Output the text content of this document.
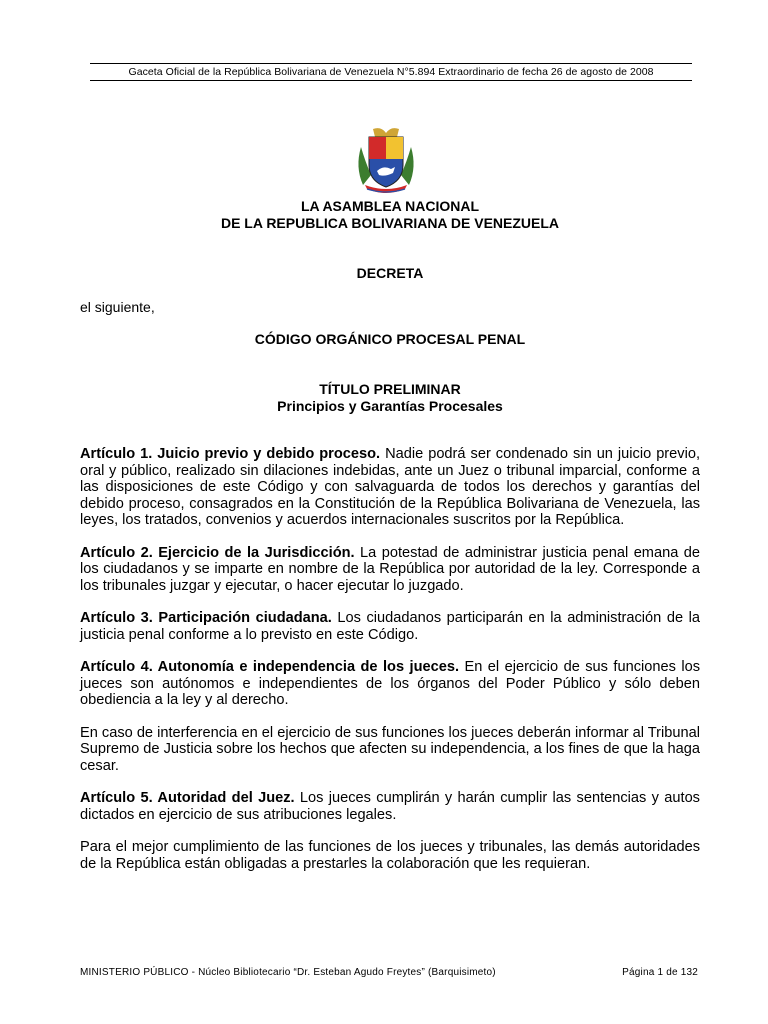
Gaceta Oficial de la República Bolivariana de Venezuela N°5.894 Extraordinario de fecha 26 de agosto de 2008
LA ASAMBLEA NACIONAL
DE LA REPUBLICA BOLIVARIANA DE VENEZUELA
DECRETA
el siguiente,
CÓDIGO ORGÁNICO PROCESAL PENAL
TÍTULO PRELIMINAR
Principios y Garantías Procesales

Artículo 1. Juicio previo y debido proceso. Nadie podrá ser condenado sin un juicio previo, oral y público, realizado sin dilaciones indebidas, ante un Juez o tribunal imparcial, conforme a las disposiciones de este Código y con salvaguarda de todos los derechos y garantías del debido proceso, consagrados en la Constitución de la República Bolivariana de Venezuela, las leyes, los tratados, convenios y acuerdos internacionales suscritos por la República.

Artículo 2. Ejercicio de la Jurisdicción. La potestad de administrar justicia penal emana de los ciudadanos y se imparte en nombre de la República por autoridad de la ley. Corresponde a los tribunales juzgar y ejecutar, o hacer ejecutar lo juzgado.

Artículo 3. Participación ciudadana. Los ciudadanos participarán en la administración de la justicia penal conforme a lo previsto en este Código.

Artículo 4. Autonomía e independencia de los jueces. En el ejercicio de sus funciones los jueces son autónomos e independientes de los órganos del Poder Público y sólo deben obediencia a la ley y al derecho.

En caso de interferencia en el ejercicio de sus funciones los jueces deberán informar al Tribunal Supremo de Justicia sobre los hechos que afecten su independencia, a los fines de que la haga cesar.

Artículo 5. Autoridad del Juez. Los jueces cumplirán y harán cumplir las sentencias y autos dictados en ejercicio de sus atribuciones legales.

Para el mejor cumplimiento de las funciones de los jueces y tribunales, las demás autoridades de la República están obligadas a prestarles la colaboración que les requieran.

MINISTERIO PÚBLICO - Núcleo Bibliotecario “Dr. Esteban Agudo Freytes” (Barquisimeto)	Página 1 de 132
